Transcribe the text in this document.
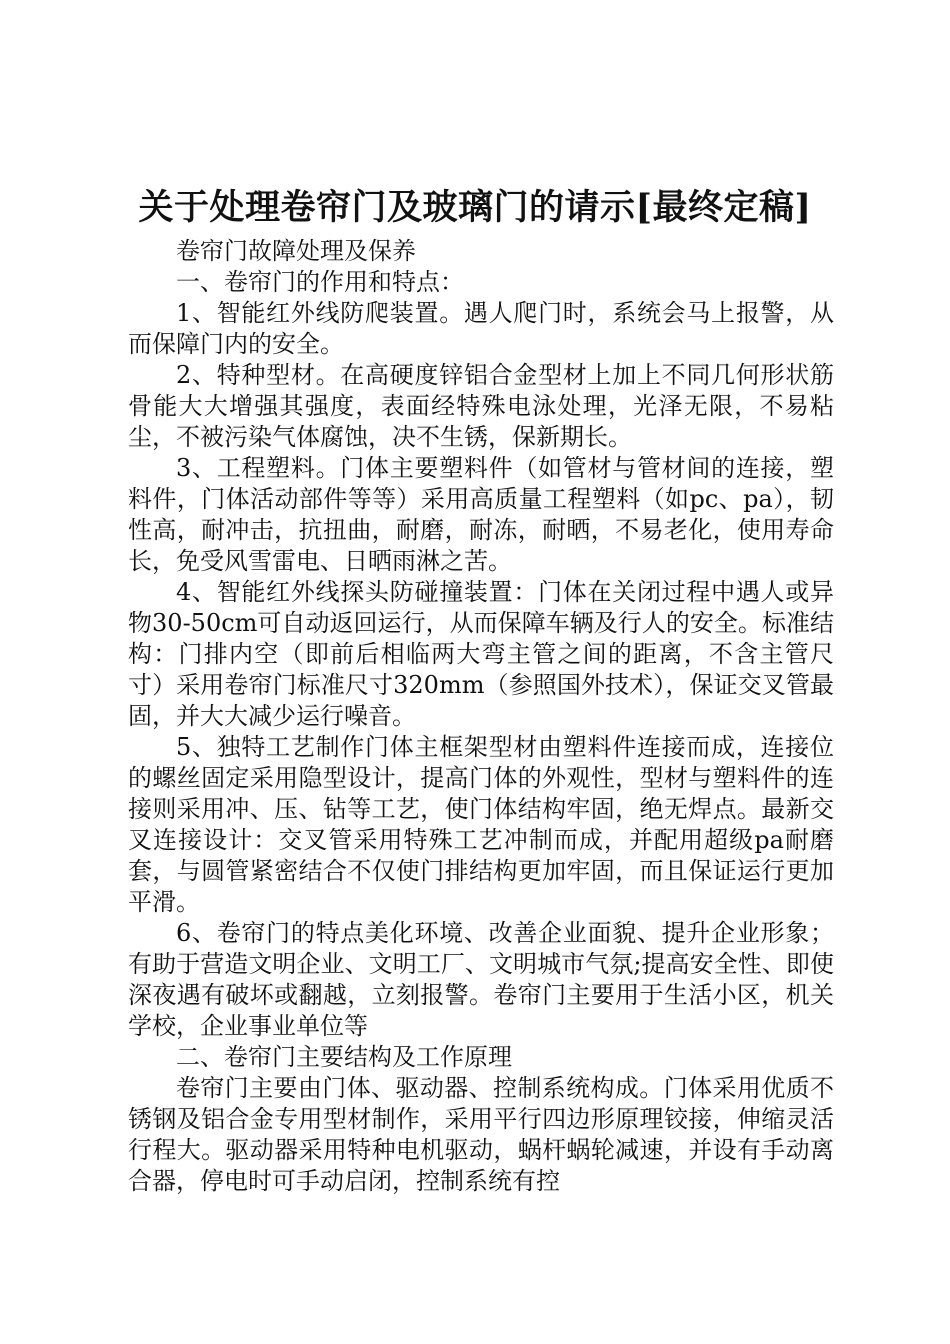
关于处理卷帘门及玻璃门的请示[最终定稿]

卷帘门故障处理及保养

一、卷帘门的作用和特点：

1、智能红外线防爬装置。遇人爬门时，系统会马上报警，从而保障门内的安全。

2、特种型材。在高硬度锌铝合金型材上加上不同几何形状筋骨能大大增强其强度，表面经特殊电泳处理，光泽无限，不易粘尘，不被污染气体腐蚀，决不生锈，保新期长。

3、工程塑料。门体主要塑料件（如管材与管材间的连接，塑料件，门体活动部件等等）采用高质量工程塑料（如pc、pa），韧性高，耐冲击，抗扭曲，耐磨，耐冻，耐晒，不易老化，使用寿命长，免受风雪雷电、日晒雨淋之苦。

4、智能红外线探头防碰撞装置：门体在关闭过程中遇人或异物30-50cm可自动返回运行，从而保障车辆及行人的安全。标准结构：门排内空（即前后相临两大弯主管之间的距离，不含主管尺寸）采用卷帘门标准尺寸320mm（参照国外技术），保证交叉管最固，并大大减少运行噪音。

5、独特工艺制作门体主框架型材由塑料件连接而成，连接位的螺丝固定采用隐型设计，提高门体的外观性，型材与塑料件的连接则采用冲、压、钻等工艺，使门体结构牢固，绝无焊点。最新交叉连接设计：交叉管采用特殊工艺冲制而成，并配用超级pa耐磨套，与圆管紧密结合不仅使门排结构更加牢固，而且保证运行更加平滑。

6、卷帘门的特点美化环境、改善企业面貌、提升企业形象；有助于营造文明企业、文明工厂、文明城市气氛;提高安全性、即使深夜遇有破坏或翻越，立刻报警。卷帘门主要用于生活小区，机关学校，企业事业单位等

二、卷帘门主要结构及工作原理

卷帘门主要由门体、驱动器、控制系统构成。门体采用优质不锈钢及铝合金专用型材制作，采用平行四边形原理铰接，伸缩灵活行程大。驱动器采用特种电机驱动，蜗杆蜗轮减速，并设有手动离合器，停电时可手动启闭，控制系统有控
